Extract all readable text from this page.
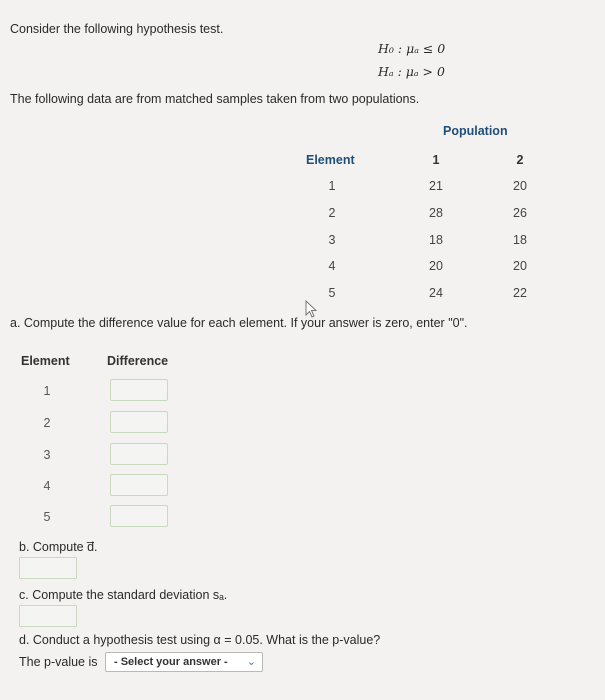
Consider the following hypothesis test.
H₀ : μₐ ≤ 0
Hₐ : μₐ > 0
The following data are from matched samples taken from two populations.
Population
Element	1	2
1	21	20
2	28	26
3	18	18
4	20	20
5	24	22
a. Compute the difference value for each element. If your answer is zero, enter "0".
Element	Difference
1
2
3
4
5
b. Compute d̅.
c. Compute the standard deviation sₐ.
d. Conduct a hypothesis test using α = 0.05. What is the p-value?
The p-value is	- Select your answer - ⌄
